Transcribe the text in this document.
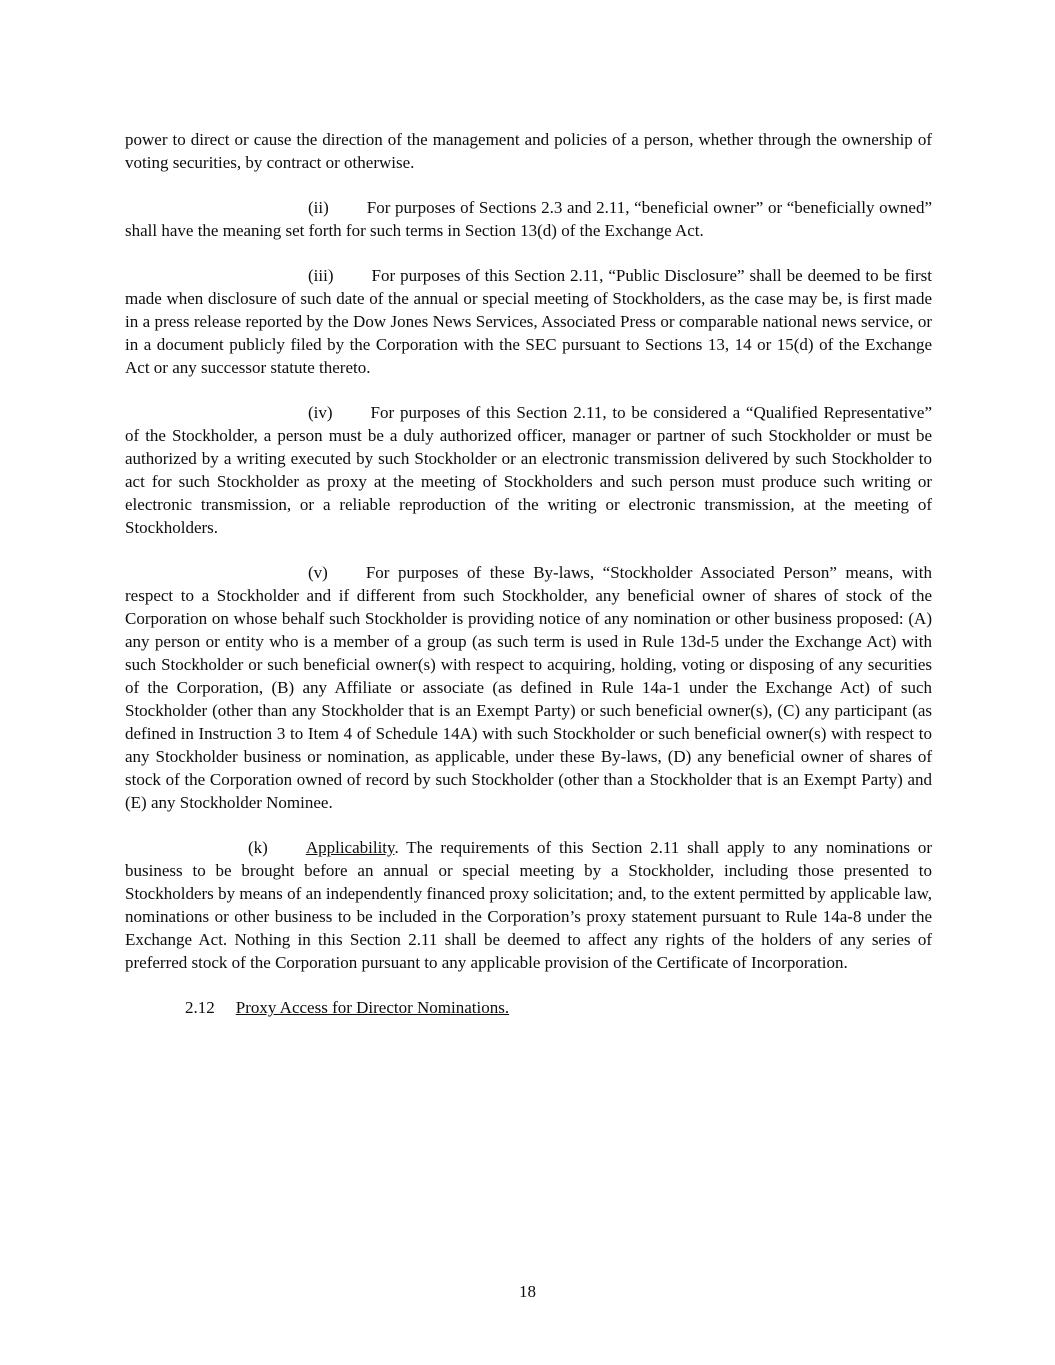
power to direct or cause the direction of the management and policies of a person, whether through the ownership of voting securities, by contract or otherwise.

(ii) For purposes of Sections 2.3 and 2.11, “beneficial owner” or “beneficially owned” shall have the meaning set forth for such terms in Section 13(d) of the Exchange Act.

(iii) For purposes of this Section 2.11, “Public Disclosure” shall be deemed to be first made when disclosure of such date of the annual or special meeting of Stockholders, as the case may be, is first made in a press release reported by the Dow Jones News Services, Associated Press or comparable national news service, or in a document publicly filed by the Corporation with the SEC pursuant to Sections 13, 14 or 15(d) of the Exchange Act or any successor statute thereto.

(iv) For purposes of this Section 2.11, to be considered a “Qualified Representative” of the Stockholder, a person must be a duly authorized officer, manager or partner of such Stockholder or must be authorized by a writing executed by such Stockholder or an electronic transmission delivered by such Stockholder to act for such Stockholder as proxy at the meeting of Stockholders and such person must produce such writing or electronic transmission, or a reliable reproduction of the writing or electronic transmission, at the meeting of Stockholders.

(v) For purposes of these By-laws, “Stockholder Associated Person” means, with respect to a Stockholder and if different from such Stockholder, any beneficial owner of shares of stock of the Corporation on whose behalf such Stockholder is providing notice of any nomination or other business proposed: (A) any person or entity who is a member of a group (as such term is used in Rule 13d-5 under the Exchange Act) with such Stockholder or such beneficial owner(s) with respect to acquiring, holding, voting or disposing of any securities of the Corporation, (B) any Affiliate or associate (as defined in Rule 14a-1 under the Exchange Act) of such Stockholder (other than any Stockholder that is an Exempt Party) or such beneficial owner(s), (C) any participant (as defined in Instruction 3 to Item 4 of Schedule 14A) with such Stockholder or such beneficial owner(s) with respect to any Stockholder business or nomination, as applicable, under these By-laws, (D) any beneficial owner of shares of stock of the Corporation owned of record by such Stockholder (other than a Stockholder that is an Exempt Party) and (E) any Stockholder Nominee.

(k) Applicability. The requirements of this Section 2.11 shall apply to any nominations or business to be brought before an annual or special meeting by a Stockholder, including those presented to Stockholders by means of an independently financed proxy solicitation; and, to the extent permitted by applicable law, nominations or other business to be included in the Corporation’s proxy statement pursuant to Rule 14a-8 under the Exchange Act. Nothing in this Section 2.11 shall be deemed to affect any rights of the holders of any series of preferred stock of the Corporation pursuant to any applicable provision of the Certificate of Incorporation.

2.12 Proxy Access for Director Nominations.

18
